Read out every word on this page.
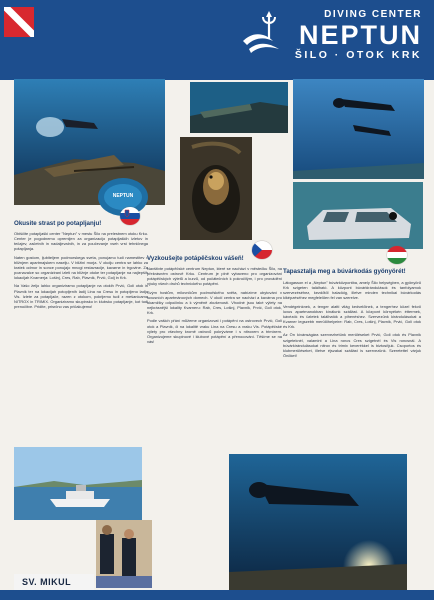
DIVING CENTER
NEPTUN
ŠILO · OTOK KRK
NEPTUN
Okusite strast po potapljanju!

Obiščite potapljaški center "Neptun" v mestu Šilo na prelestnem otoku Krku. Center je pogodnemo opremljen za organizacijo potapljaških izletov in tečajev, začetnih in nadaljevalnih, in za poučevanje vseh vrst tehničnega potapljanja.

Naten gostom, ljubiteljem podmorskega sveta, ponujamo tudi namestitev v bližnjem apartmajskem naselju. V bližini morja. V okolju centra se lahko za kratek odmor in sonce ponujajo mnogi restavracije, kavarne in trgovine. Za poznavalce so organizirani izleti na bližnje otoke ter potapljanje na najlepših lokacijah Kvarnerja: Lošinj, Cres, Rab, Plavnik, Prvić, Golj in Krk.

Na Vašo željo lahko organiziramo potapljanje na otokih Prvić, Goli otok in Plavnik ter na lokacijah potopljenih ladij Lina na Cresu in potopljeno ladjo Vis. Izlete za potapljače, razen z otokom, pokrijemo tudi z mešanicama NITROX in TRIMIX. Organiziramo skupinsko in klubsko potapljanje, kot tudi prenočitve. Pridite, prisrčno vas pričakujemo!

Vyzkoušejte potápěčskou vášeň!

Navštivte potápěčské centrum Neptun, které se nachází v městečku Šilo, na překrásném ostrově Krku. Centrum je plně vybaveno pro organizování potápěčských výletů a kurzů, od počátečních k pokročilým, i pro provádění výuky všech druhů technického potápění.

Svým hostům, milovníkům podmořského světa, nabízíme ubytování v luxusních apartmánových domech. V okolí centra se nachází a kavárna pro okamžiky odpočinku a k výměně zkušeností. Vhodné jsou také výlety na nejkrásnější lokality Kvarneru: Rab, Cres, Lošinj, Plavnik, Prvić, Goli otok, Krk.

Podle vašich přání můžeme organizovat i potápění na ostrovech Prvić, Goli otok a Plavnik, či na lokalitě vraku Lina na Cresu a vraku Vis. Potápěčské výlety pro všechny kromě ostrovů pokrýváme i s nitroxem a trimixem. Organizujeme skupinové i klubové potápění a přenocování. Těšíme se na vás!

Tapasztalja meg a búvárkodás gyönyörét!

Látogasson el a „Neptun" búvárközpontba, amely Šilo helységben, a gyönyörű Krk szigeten található. A központ búvárkirándulások és tanfolyamok szervezéséhez, kezdőtől haladóig, illetve minden technikai búvárkodás kiképzéséhez megfelelően fel van szerelve.

Vendégeinknek, a tenger alatti világ kedvelőinek, a tengerhez közel fekvő luxus apartmanokban kínálunk szállást. A központ környékén éttermek, kávézók és üzletek találhatók a pihenéshez. Szervezünk kirándulásokat a Kvarner legszebb merülőhelyeire: Rab, Cres, Lošinj, Plavnik, Prvić, Goli otok és Krk.

Az Ön kívánságára szervezhetünk merüléseket Prvić, Goli otok és Plavnik szigeteknél, valamint a Lina roncs Cres szigetnél és Vis roncsnál. A búvárkirándulásokat nitrox és trimix keverékkel is biztosítjuk. Csoportos és klubmerüléseket, illetve éjszakai szállást is szervezünk. Szeretettel várjuk Önöket!

SV. MIKUL
